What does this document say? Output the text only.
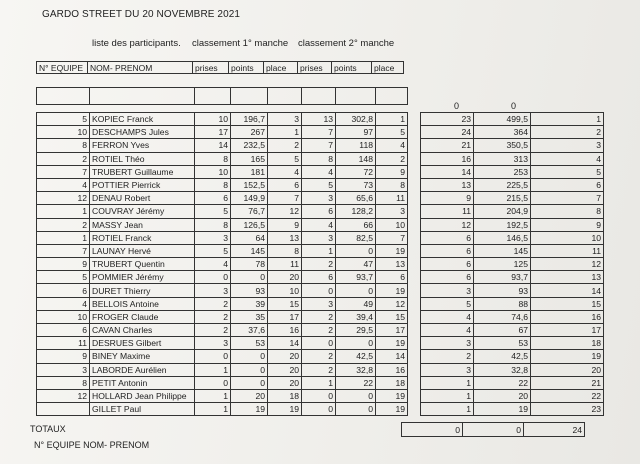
GARDO STREET DU 20 NOVEMBRE 2021
liste des participants. classement 1° manche classement 2° manche
N° EQUIPE	NOM- PRENOM	prises	points	place	prises	points	place

0	0
5	KOPIEC Franck	10	196,7	3	13	302,8	1		23	499,5	1
10	DESCHAMPS Jules	17	267	1	7	97	5		24	364	2
8	FERRON Yves	14	232,5	2	7	118	4		21	350,5	3
2	ROTIEL Théo	8	165	5	8	148	2		16	313	4
7	TRUBERT Guillaume	10	181	4	4	72	9		14	253	5
4	POTTIER Pierrick	8	152,5	6	5	73	8		13	225,5	6
12	DENAU Robert	6	149,9	7	3	65,6	11		9	215,5	7
1	COUVRAY Jérémy	5	76,7	12	6	128,2	3		11	204,9	8
2	MASSY Jean	8	126,5	9	4	66	10		12	192,5	9
1	ROTIEL Franck	3	64	13	3	82,5	7		6	146,5	10
7	LAUNAY Hervé	5	145	8	1	0	19		6	145	11
9	TRUBERT Quentin	4	78	11	2	47	13		6	125	12
5	POMMIER Jérémy	0	0	20	6	93,7	6		6	93,7	13
6	DURET Thierry	3	93	10	0	0	19		3	93	14
4	BELLOIS Antoine	2	39	15	3	49	12		5	88	15
10	FROGER Claude	2	35	17	2	39,4	15		4	74,6	16
6	CAVAN Charles	2	37,6	16	2	29,5	17		4	67	17
11	DESRUES Gilbert	3	53	14	0	0	19		3	53	18
9	BINEY Maxime	0	0	20	2	42,5	14		2	42,5	19
3	LABORDE Aurélien	1	0	20	2	32,8	16		3	32,8	20
8	PETIT Antonin	0	0	20	1	22	18		1	22	21
12	HOLLARD Jean Philippe	1	20	18	0	0	19		1	20	22
	GILLET Paul	1	19	19	0	0	19		1	19	23
TOTAUX	0	0	24
N° EQUIPE NOM- PRENOM
